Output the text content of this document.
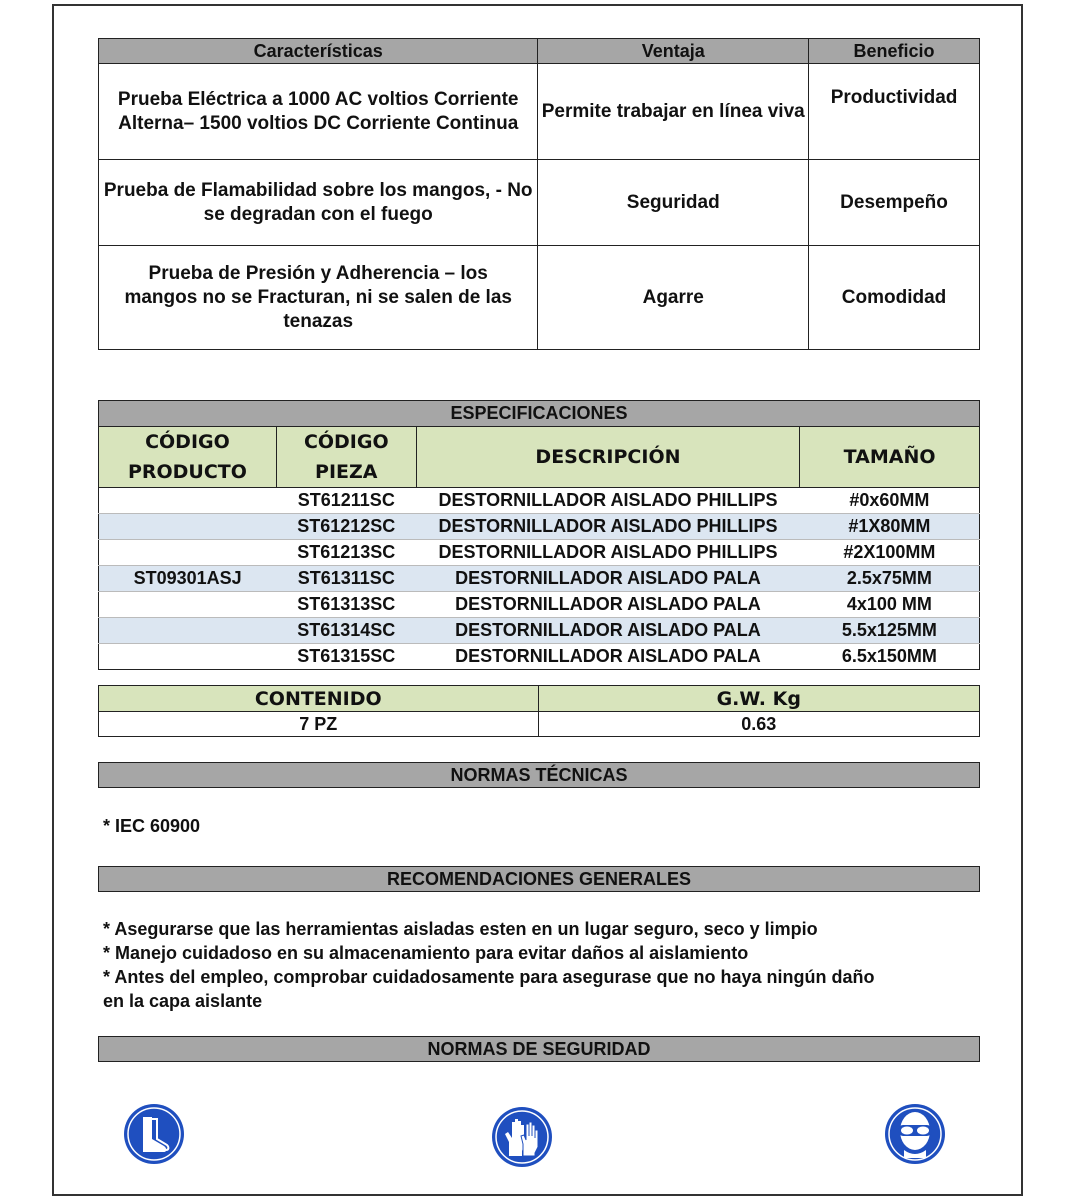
Características	Ventaja	Beneficio
Prueba Eléctrica a 1000 AC voltios Corriente Alterna– 1500 voltios DC Corriente Continua	Permite trabajar en línea viva	Productividad
Prueba de Flamabilidad sobre los mangos, - No se degradan con el fuego	Seguridad	Desempeño
Prueba de Presión y Adherencia – los mangos no se Fracturan, ni se salen de las tenazas	Agarre	Comodidad
ESPECIFICACIONES			
CÓDIGO PRODUCTO	CÓDIGO PIEZA	DESCRIPCIÓN	TAMAÑO
	ST61211SC	DESTORNILLADOR AISLADO PHILLIPS	#0x60MM
	ST61212SC	DESTORNILLADOR AISLADO PHILLIPS	#1X80MM
	ST61213SC	DESTORNILLADOR AISLADO PHILLIPS	#2X100MM
ST09301ASJ	ST61311SC	DESTORNILLADOR AISLADO PALA	2.5x75MM
	ST61313SC	DESTORNILLADOR AISLADO PALA	4x100 MM
	ST61314SC	DESTORNILLADOR AISLADO PALA	5.5x125MM
	ST61315SC	DESTORNILLADOR AISLADO PALA	6.5x150MM
CONTENIDO	G.W. Kg
7 PZ	0.63
NORMAS TÉCNICAS
* IEC 60900
RECOMENDACIONES GENERALES
* Asegurarse que las herramientas aisladas esten en un lugar seguro, seco y limpio
* Manejo cuidadoso en su almacenamiento para evitar daños al aislamiento
* Antes del empleo, comprobar cuidadosamente para asegurase que no haya ningún daño
en la capa aislante
NORMAS DE SEGURIDAD
